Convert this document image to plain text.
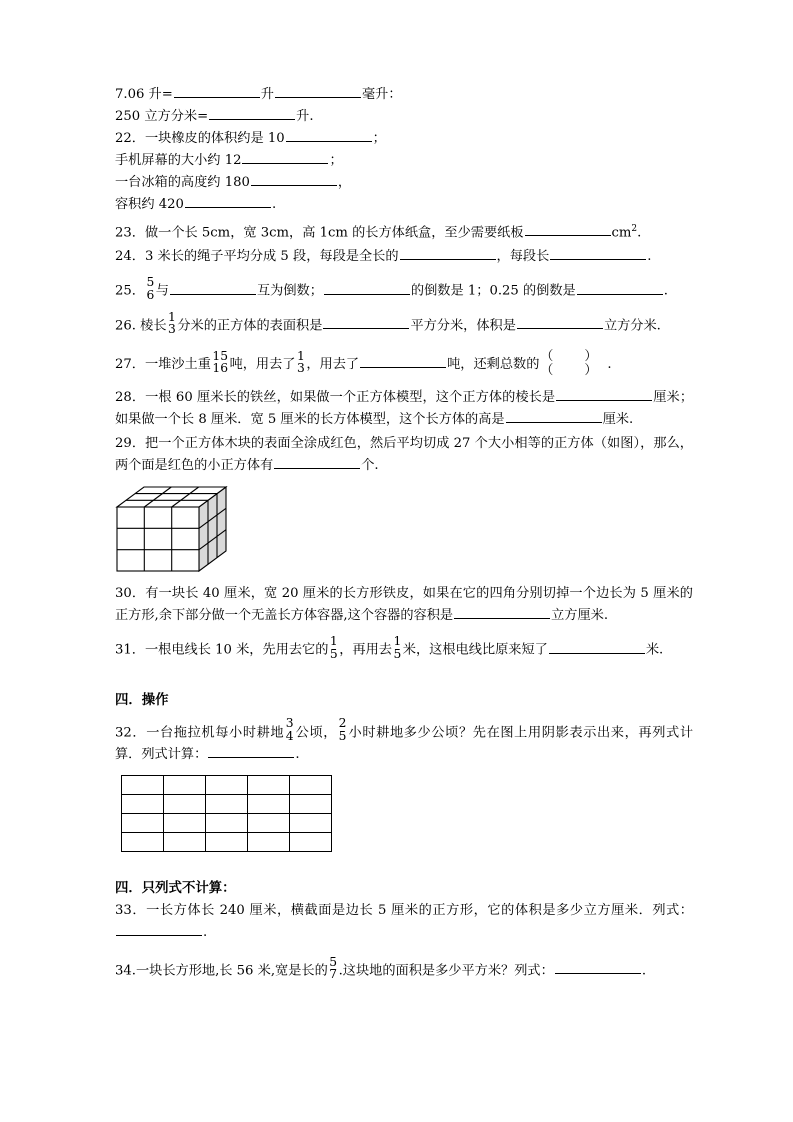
7.06 升=	升	毫升：

250 立方分米=	升.

22．一块橡皮的体积约是 10	；

手机屏幕的大小约 12	；

一台冰箱的高度约 180	，

容积约 420	.

23．做一个长 5cm，宽 3cm，高 1cm 的长方体纸盒，至少需要纸板	$cm^2$.

24．3 米长的绳子平均分成 5 段，每段是全长的	，每段长	.

25．
5
6 与	互为倒数；	的倒数是 1；0.25 的倒数是	.

26. 棱长
1
3 分米的正方体的表面积是	平方分米，体积是	立方分米.

27．一堆沙土重
15
16 吨，用去了
1
3 ，用去了	吨，还剩总数的
（　）
（　） .

28．一根 60 厘米长的铁丝，如果做一个正方体模型，这个正方体的棱长是	厘米；如果做一个长 8 厘米．宽 5 厘米的长方体模型，这个长方体的高是	厘米.

29．把一个正方体木块的表面全涂成红色，然后平均切成 27 个大小相等的正方体（如图），那么，两个面是红色的小正方体有	个.

30．有一块长 40 厘米，宽 20 厘米的长方形铁皮，如果在它的四角分别切掉一个边长为 5 厘米的正方形,余下部分做一个无盖长方体容器,这个容器的容积是	立方厘米.

31．一根电线长 10 米，先用去它的
1
5 ，再用去
1
5 米，这根电线比原来短了	米.

四．操作

32．一台拖拉机每小时耕地
3
4 公顷，
2
5 小时耕地多少公顷？先在图上用阴影表示出来，再列式计算．列式计算：	.

四．只列式不计算：

33．一长方体长 240 厘米，横截面是边长 5 厘米的正方形，它的体积是多少立方厘米．列式：.

34.一块长方形地,长 56 米,宽是长的
5
7 .这块地的面积是多少平方米？列式：	.
